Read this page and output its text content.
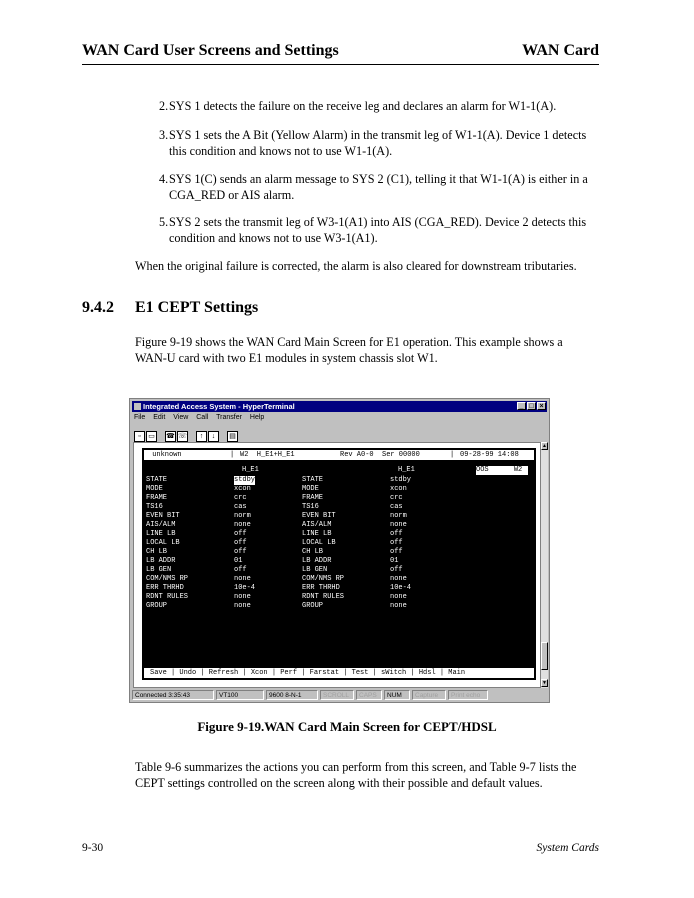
WAN Card User Screens and Settings	WAN Card
2. SYS 1 detects the failure on the receive leg and declares an alarm for W1-1(A).
3. SYS 1 sets the A Bit (Yellow Alarm) in the transmit leg of W1-1(A). Device 1 detects this condition and knows not to use W1-1(A).
4. SYS 1(C) sends an alarm message to SYS 2 (C1), telling it that W1-1(A) is either in a CGA_RED or AIS alarm.
5. SYS 2 sets the transmit leg of W3-1(A1) into AIS (CGA_RED). Device 2 detects this condition and knows not to use W3-1(A1).
When the original failure is corrected, the alarm is also cleared for downstream tributaries.
9.4.2 E1 CEPT Settings
Figure 9-19 shows the WAN Card Main Screen for E1 operation. This example shows a WAN-U card with two E1 modules in system chassis slot W1.
Integrated Access System - HyperTerminal	_ □ ×
File Edit View Call Transfer Help
▫ ▭ ☎ ☏ ↑ ↓ ▤
unknown	| W2  H_E1+H_E1	Rev A0-0  Ser 00000	| 09-28-99 14:08
H_E1	H_E1	OOS	W2
STATE	stdby	STATE	stdby
MODE	xcon	MODE	xcon
FRAME	crc	FRAME	crc
TS16	cas	TS16	cas
EVEN BIT	norm	EVEN BIT	norm
AIS/ALM	none	AIS/ALM	none
LINE LB	off	LINE LB	off
LOCAL LB	off	LOCAL LB	off
CH LB	off	CH LB	off
LB ADDR	01	LB ADDR	01
LB GEN	off	LB GEN	off
COM/NMS RP	none	COM/NMS RP	none
ERR THRHD	10e-4	ERR THRHD	10e-4
RDNT RULES	none	RDNT RULES	none
GROUP	none	GROUP	none
Save | Undo | Refresh | Xcon | Perf | Farstat | Test | sWitch | Hdsl | Main
▲
▼
Connected 3:35:43	VT100	9600 8-N-1	SCROLL	CAPS	NUM	Capture	Print echo
Figure 9-19.WAN Card Main Screen for CEPT/HDSL
Table 9-6 summarizes the actions you can perform from this screen, and Table 9-7 lists the CEPT settings controlled on the screen along with their possible and default values.
9-30	System Cards
